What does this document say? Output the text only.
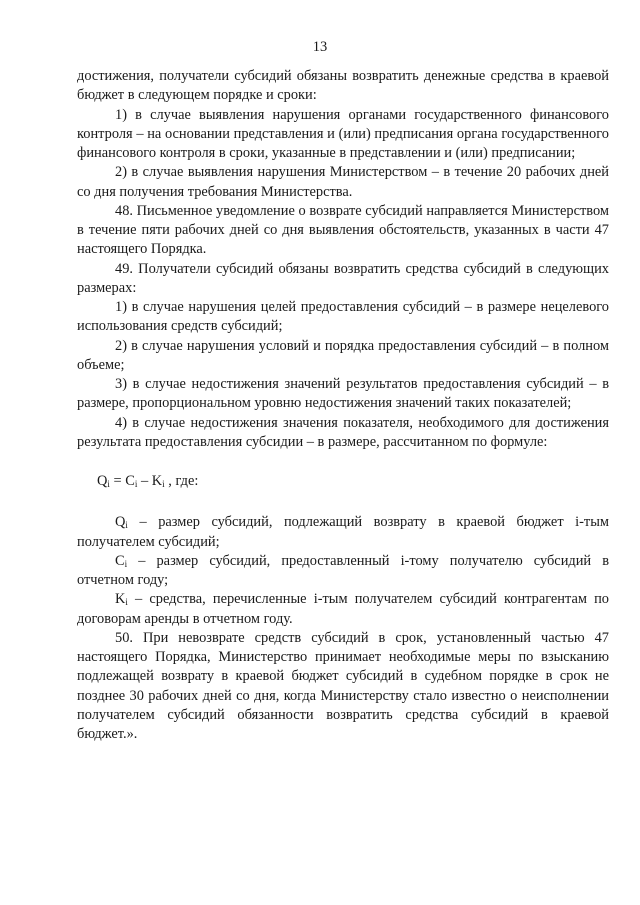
13

достижения, получатели субсидий обязаны возвратить денежные средства в краевой бюджет в следующем порядке и сроки:

1) в случае выявления нарушения органами государственного финансового контроля – на основании представления и (или) предписания органа государственного финансового контроля в сроки, указанные в представлении и (или) предписании;

2) в случае выявления нарушения Министерством – в течение 20 рабочих дней со дня получения требования Министерства.

48. Письменное уведомление о возврате субсидий направляется Министерством в течение пяти рабочих дней со дня выявления обстоятельств, указанных в части 47 настоящего Порядка.

49. Получатели субсидий обязаны возвратить средства субсидий в следующих размерах:

1) в случае нарушения целей предоставления субсидий – в размере нецелевого использования средств субсидий;

2) в случае нарушения условий и порядка предоставления субсидий – в полном объеме;

3) в случае недостижения значений результатов предоставления субсидий – в размере, пропорциональном уровню недостижения значений таких показателей;

4) в случае недостижения значения показателя, необходимого для достижения результата предоставления субсидии – в размере, рассчитанном по формуле:

$Q_i = C_i - K_i$ , где:

$Q_i$ – размер субсидий, подлежащий возврату в краевой бюджет i-тым получателем субсидий;

$C_i$ – размер субсидий, предоставленный i-тому получателю субсидий в отчетном году;

$K_i$ – средства, перечисленные i-тым получателем субсидий контрагентам по договорам аренды в отчетном году.

50. При невозврате средств субсидий в срок, установленный частью 47 настоящего Порядка, Министерство принимает необходимые меры по взысканию подлежащей возврату в краевой бюджет субсидий в судебном порядке в срок не позднее 30 рабочих дней со дня, когда Министерству стало известно о неисполнении получателем субсидий обязанности возвратить средства субсидий в краевой бюджет.».
